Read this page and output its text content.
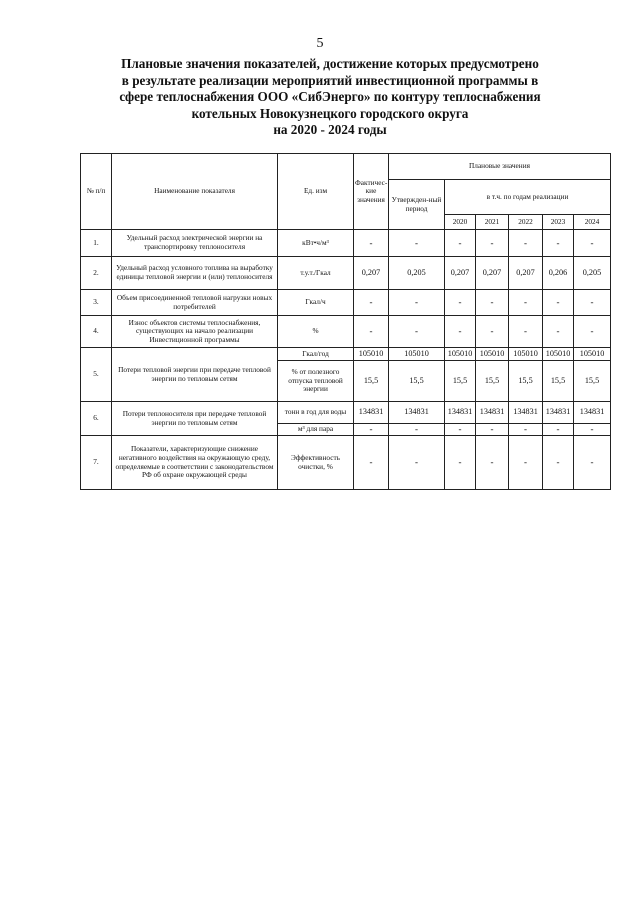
5
Плановые значения показателей, достижение которых предусмотрено
в результате реализации мероприятий инвестиционной программы в
сфере теплоснабжения ООО «СибЭнерго» по контуру теплоснабжения
котельных Новокузнецкого городского округа
на 2020 - 2024 годы
№ п/п	Наименование показателя	Ед. изм	Фактичес-кие значения	Плановые значения					
				Утвержден-ный период	в т.ч. по годам реализации				
					2020	2021	2022	2023	2024
1.	Удельный расход электрической энергии на транспортировку теплоносителя	кВт•ч/м³	-	-	-	-	-	-	-
2.	Удельный расход условного топлива на выработку единицы тепловой энергии и (или) теплоносителя	т.у.т./Гкал	0,207	0,205	0,207	0,207	0,207	0,206	0,205
3.	Объем присоединенной тепловой нагрузки новых потребителей	Гкал/ч	-	-	-	-	-	-	-
4.	Износ объектов системы теплоснабжения, существующих на начало реализации Инвестиционной программы	%	-	-	-	-	-	-	-
5.	Потери тепловой энергии при передаче тепловой энергии по тепловым сетям	Гкал/год	105010	105010	105010	105010	105010	105010	105010
		% от полезного отпуска тепловой энергии	15,5	15,5	15,5	15,5	15,5	15,5	15,5
6.	Потери теплоносителя при передаче тепловой энергии по тепловым сетям	тонн в год для воды	134831	134831	134831	134831	134831	134831	134831
		м³ для пара	-	-	-	-	-	-	-
7.	Показатели, характеризующие снижение негативного воздействия на окружающую среду, определяемые в соответствии с законодательством РФ об охране окружающей среды	Эффективность очистки, %	-	-	-	-	-	-	-
